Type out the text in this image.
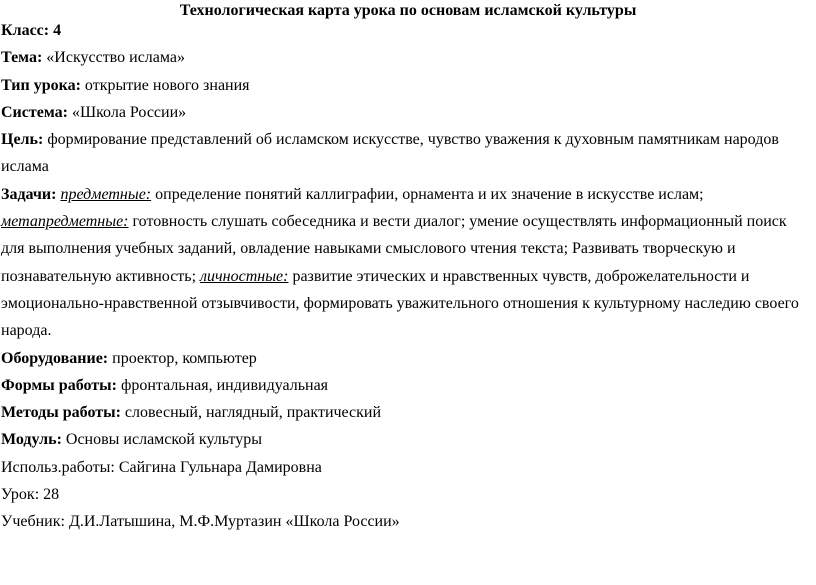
Технологическая карта урока по основам исламской культуры

Класс: 4

Тема: «Искусство ислама»

Тип урока: открытие нового знания

Система: «Школа России»

Цель: формирование представлений об исламском искусстве, чувство уважения к духовным памятникам народов ислама

Задачи: предметные: определение понятий каллиграфии, орнамента и их значение в искусстве ислам; метапредметные: готовность слушать собеседника и вести диалог; умение осуществлять информационный поиск для выполнения учебных заданий, овладение навыками смыслового чтения текста; Развивать творческую и познавательную активность; личностные: развитие этических и нравственных чувств, доброжелательности и эмоционально-нравственной отзывчивости, формировать уважительного отношения к культурному наследию своего народа.

Оборудование: проектор, компьютер

Формы работы: фронтальная, индивидуальная

Методы работы: словесный, наглядный, практический

Модуль: Основы исламской культуры

Использ.работы: Сайгина Гульнара Дамировна

Урок: 28

Учебник: Д.И.Латышина, М.Ф.Муртазин «Школа России»
